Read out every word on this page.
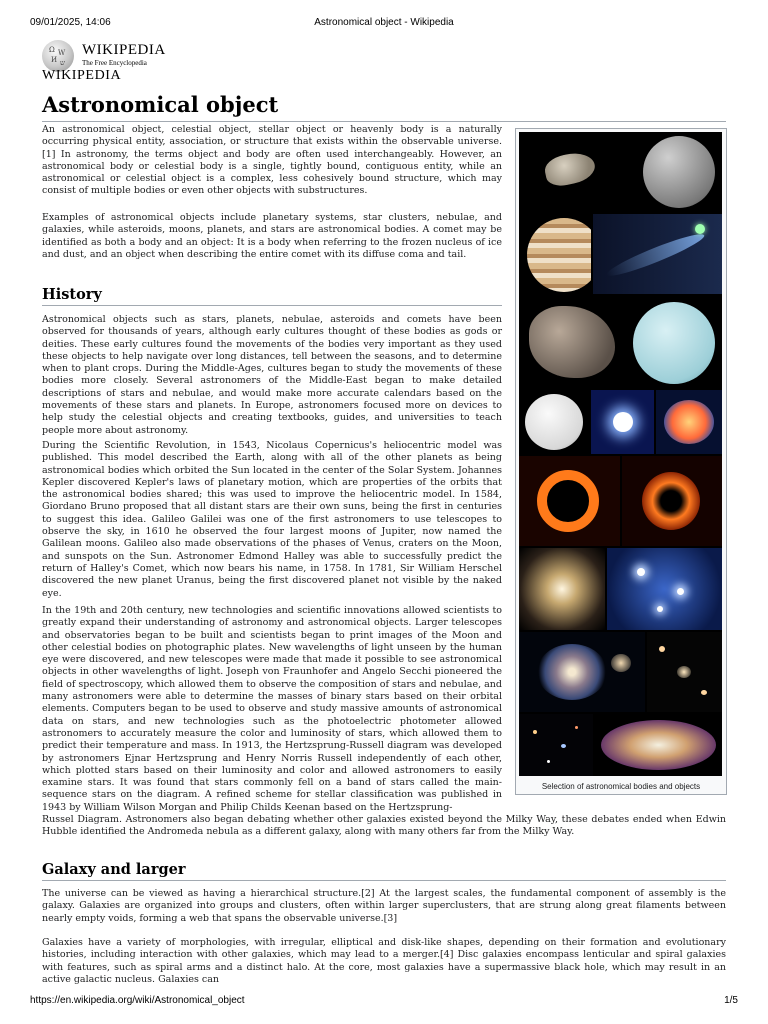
09/01/2025, 14:06	Astronomical object - Wikipedia
Ω W
И ש
WIKIPEDIA
The Free Encyclopedia
WIKIPEDIA
Astronomical object

An astronomical object, celestial object, stellar object or heavenly body is a naturally occurring physical entity, association, or structure that exists within the observable universe.[1] In astronomy, the terms object and body are often used interchangeably. However, an astronomical body or celestial body is a single, tightly bound, contiguous entity, while an astronomical or celestial object is a complex, less cohesively bound structure, which may consist of multiple bodies or even other objects with substructures.

Examples of astronomical objects include planetary systems, star clusters, nebulae, and galaxies, while asteroids, moons, planets, and stars are astronomical bodies. A comet may be identified as both a body and an object: It is a body when referring to the frozen nucleus of ice and dust, and an object when describing the entire comet with its diffuse coma and tail.

History

Astronomical objects such as stars, planets, nebulae, asteroids and comets have been observed for thousands of years, although early cultures thought of these bodies as gods or deities. These early cultures found the movements of the bodies very important as they used these objects to help navigate over long distances, tell between the seasons, and to determine when to plant crops. During the Middle-Ages, cultures began to study the movements of these bodies more closely. Several astronomers of the Middle-East began to make detailed descriptions of stars and nebulae, and would make more accurate calendars based on the movements of these stars and planets. In Europe, astronomers focused more on devices to help study the celestial objects and creating textbooks, guides, and universities to teach people more about astronomy.

During the Scientific Revolution, in 1543, Nicolaus Copernicus's heliocentric model was published. This model described the Earth, along with all of the other planets as being astronomical bodies which orbited the Sun located in the center of the Solar System. Johannes Kepler discovered Kepler's laws of planetary motion, which are properties of the orbits that the astronomical bodies shared; this was used to improve the heliocentric model. In 1584, Giordano Bruno proposed that all distant stars are their own suns, being the first in centuries to suggest this idea. Galileo Galilei was one of the first astronomers to use telescopes to observe the sky, in 1610 he observed the four largest moons of Jupiter, now named the Galilean moons. Galileo also made observations of the phases of Venus, craters on the Moon, and sunspots on the Sun. Astronomer Edmond Halley was able to successfully predict the return of Halley's Comet, which now bears his name, in 1758. In 1781, Sir William Herschel discovered the new planet Uranus, being the first discovered planet not visible by the naked eye.

In the 19th and 20th century, new technologies and scientific innovations allowed scientists to greatly expand their understanding of astronomy and astronomical objects. Larger telescopes and observatories began to be built and scientists began to print images of the Moon and other celestial bodies on photographic plates. New wavelengths of light unseen by the human eye were discovered, and new telescopes were made that made it possible to see astronomical objects in other wavelengths of light. Joseph von Fraunhofer and Angelo Secchi pioneered the field of spectroscopy, which allowed them to observe the composition of stars and nebulae, and many astronomers were able to determine the masses of binary stars based on their orbital elements. Computers began to be used to observe and study massive amounts of astronomical data on stars, and new technologies such as the photoelectric photometer allowed astronomers to accurately measure the color and luminosity of stars, which allowed them to predict their temperature and mass. In 1913, the Hertzsprung-Russell diagram was developed by astronomers Ejnar Hertzsprung and Henry Norris Russell independently of each other, which plotted stars based on their luminosity and color and allowed astronomers to easily examine stars. It was found that stars commonly fell on a band of stars called the main-sequence stars on the diagram. A refined scheme for stellar classification was published in 1943 by William Wilson Morgan and Philip Childs Keenan based on the Hertzsprung-

Russel Diagram. Astronomers also began debating whether other galaxies existed beyond the Milky Way, these debates ended when Edwin Hubble identified the Andromeda nebula as a different galaxy, along with many others far from the Milky Way.

Galaxy and larger

The universe can be viewed as having a hierarchical structure.[2] At the largest scales, the fundamental component of assembly is the galaxy. Galaxies are organized into groups and clusters, often within larger superclusters, that are strung along great filaments between nearly empty voids, forming a web that spans the observable universe.[3]

Galaxies have a variety of morphologies, with irregular, elliptical and disk-like shapes, depending on their formation and evolutionary histories, including interaction with other galaxies, which may lead to a merger.[4] Disc galaxies encompass lenticular and spiral galaxies with features, such as spiral arms and a distinct halo. At the core, most galaxies have a supermassive black hole, which may result in an active galactic nucleus. Galaxies can

Selection of astronomical bodies and objects
https://en.wikipedia.org/wiki/Astronomical_object	1/5
